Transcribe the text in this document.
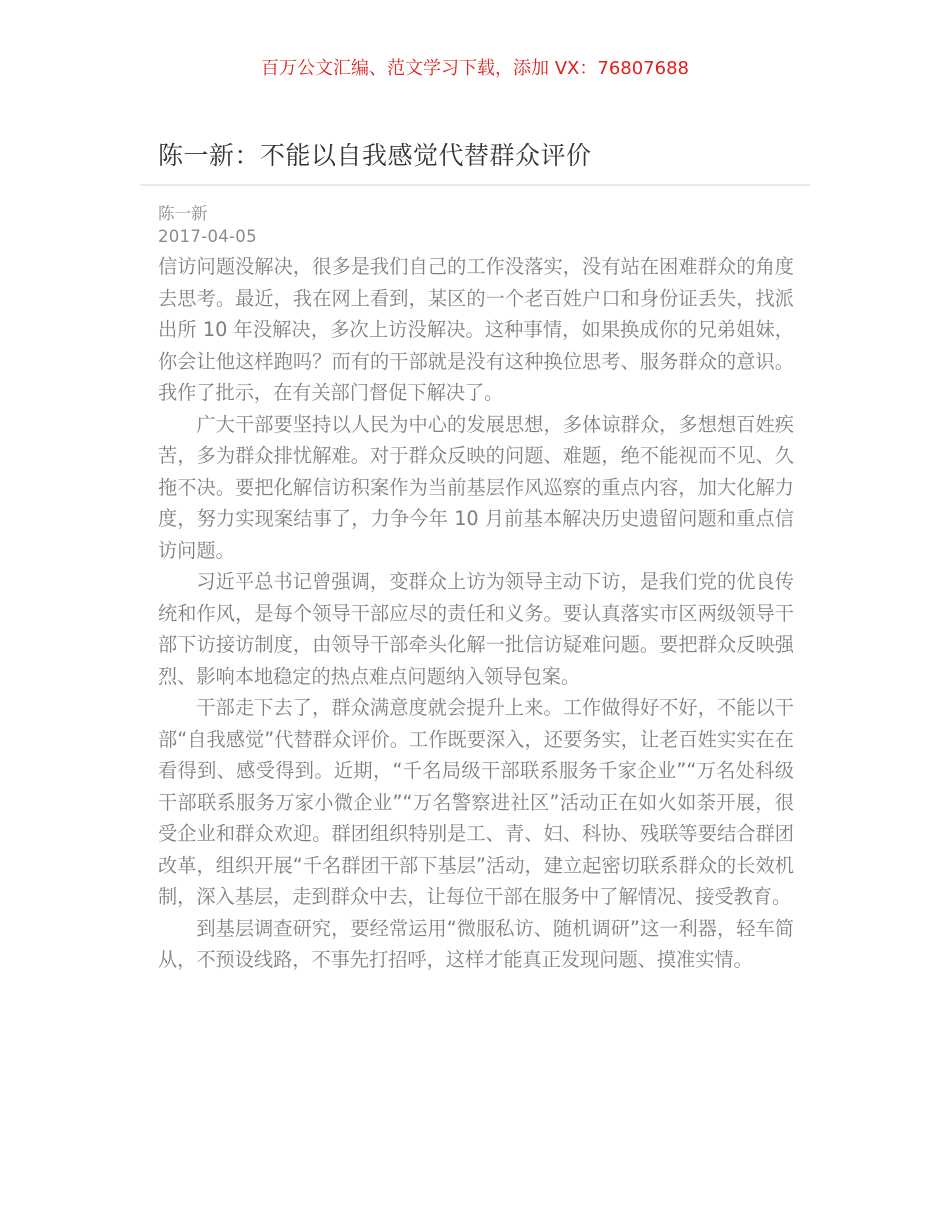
百万公文汇编、范文学习下载，添加 VX：76807688
陈一新：不能以自我感觉代替群众评价
陈一新
2017-04-05

信访问题没解决，很多是我们自己的工作没落实，没有站在困难群众的角度去思考。最近，我在网上看到，某区的一个老百姓户口和身份证丢失，找派出所 10 年没解决，多次上访没解决。这种事情，如果换成你的兄弟姐妹，你会让他这样跑吗？而有的干部就是没有这种换位思考、服务群众的意识。我作了批示，在有关部门督促下解决了。

广大干部要坚持以人民为中心的发展思想，多体谅群众，多想想百姓疾苦，多为群众排忧解难。对于群众反映的问题、难题，绝不能视而不见、久拖不决。要把化解信访积案作为当前基层作风巡察的重点内容，加大化解力度，努力实现案结事了，力争今年 10 月前基本解决历史遗留问题和重点信访问题。

习近平总书记曾强调，变群众上访为领导主动下访，是我们党的优良传统和作风，是每个领导干部应尽的责任和义务。要认真落实市区两级领导干部下访接访制度，由领导干部牵头化解一批信访疑难问题。要把群众反映强烈、影响本地稳定的热点难点问题纳入领导包案。

干部走下去了，群众满意度就会提升上来。工作做得好不好，不能以干部“自我感觉”代替群众评价。工作既要深入，还要务实，让老百姓实实在在看得到、感受得到。近期，“千名局级干部联系服务千家企业”“万名处科级干部联系服务万家小微企业”“万名警察进社区”活动正在如火如荼开展，很受企业和群众欢迎。群团组织特别是工、青、妇、科协、残联等要结合群团改革，组织开展“千名群团干部下基层”活动，建立起密切联系群众的长效机制，深入基层，走到群众中去，让每位干部在服务中了解情况、接受教育。

到基层调查研究，要经常运用“微服私访、随机调研”这一利器，轻车简从，不预设线路，不事先打招呼，这样才能真正发现问题、摸准实情。
